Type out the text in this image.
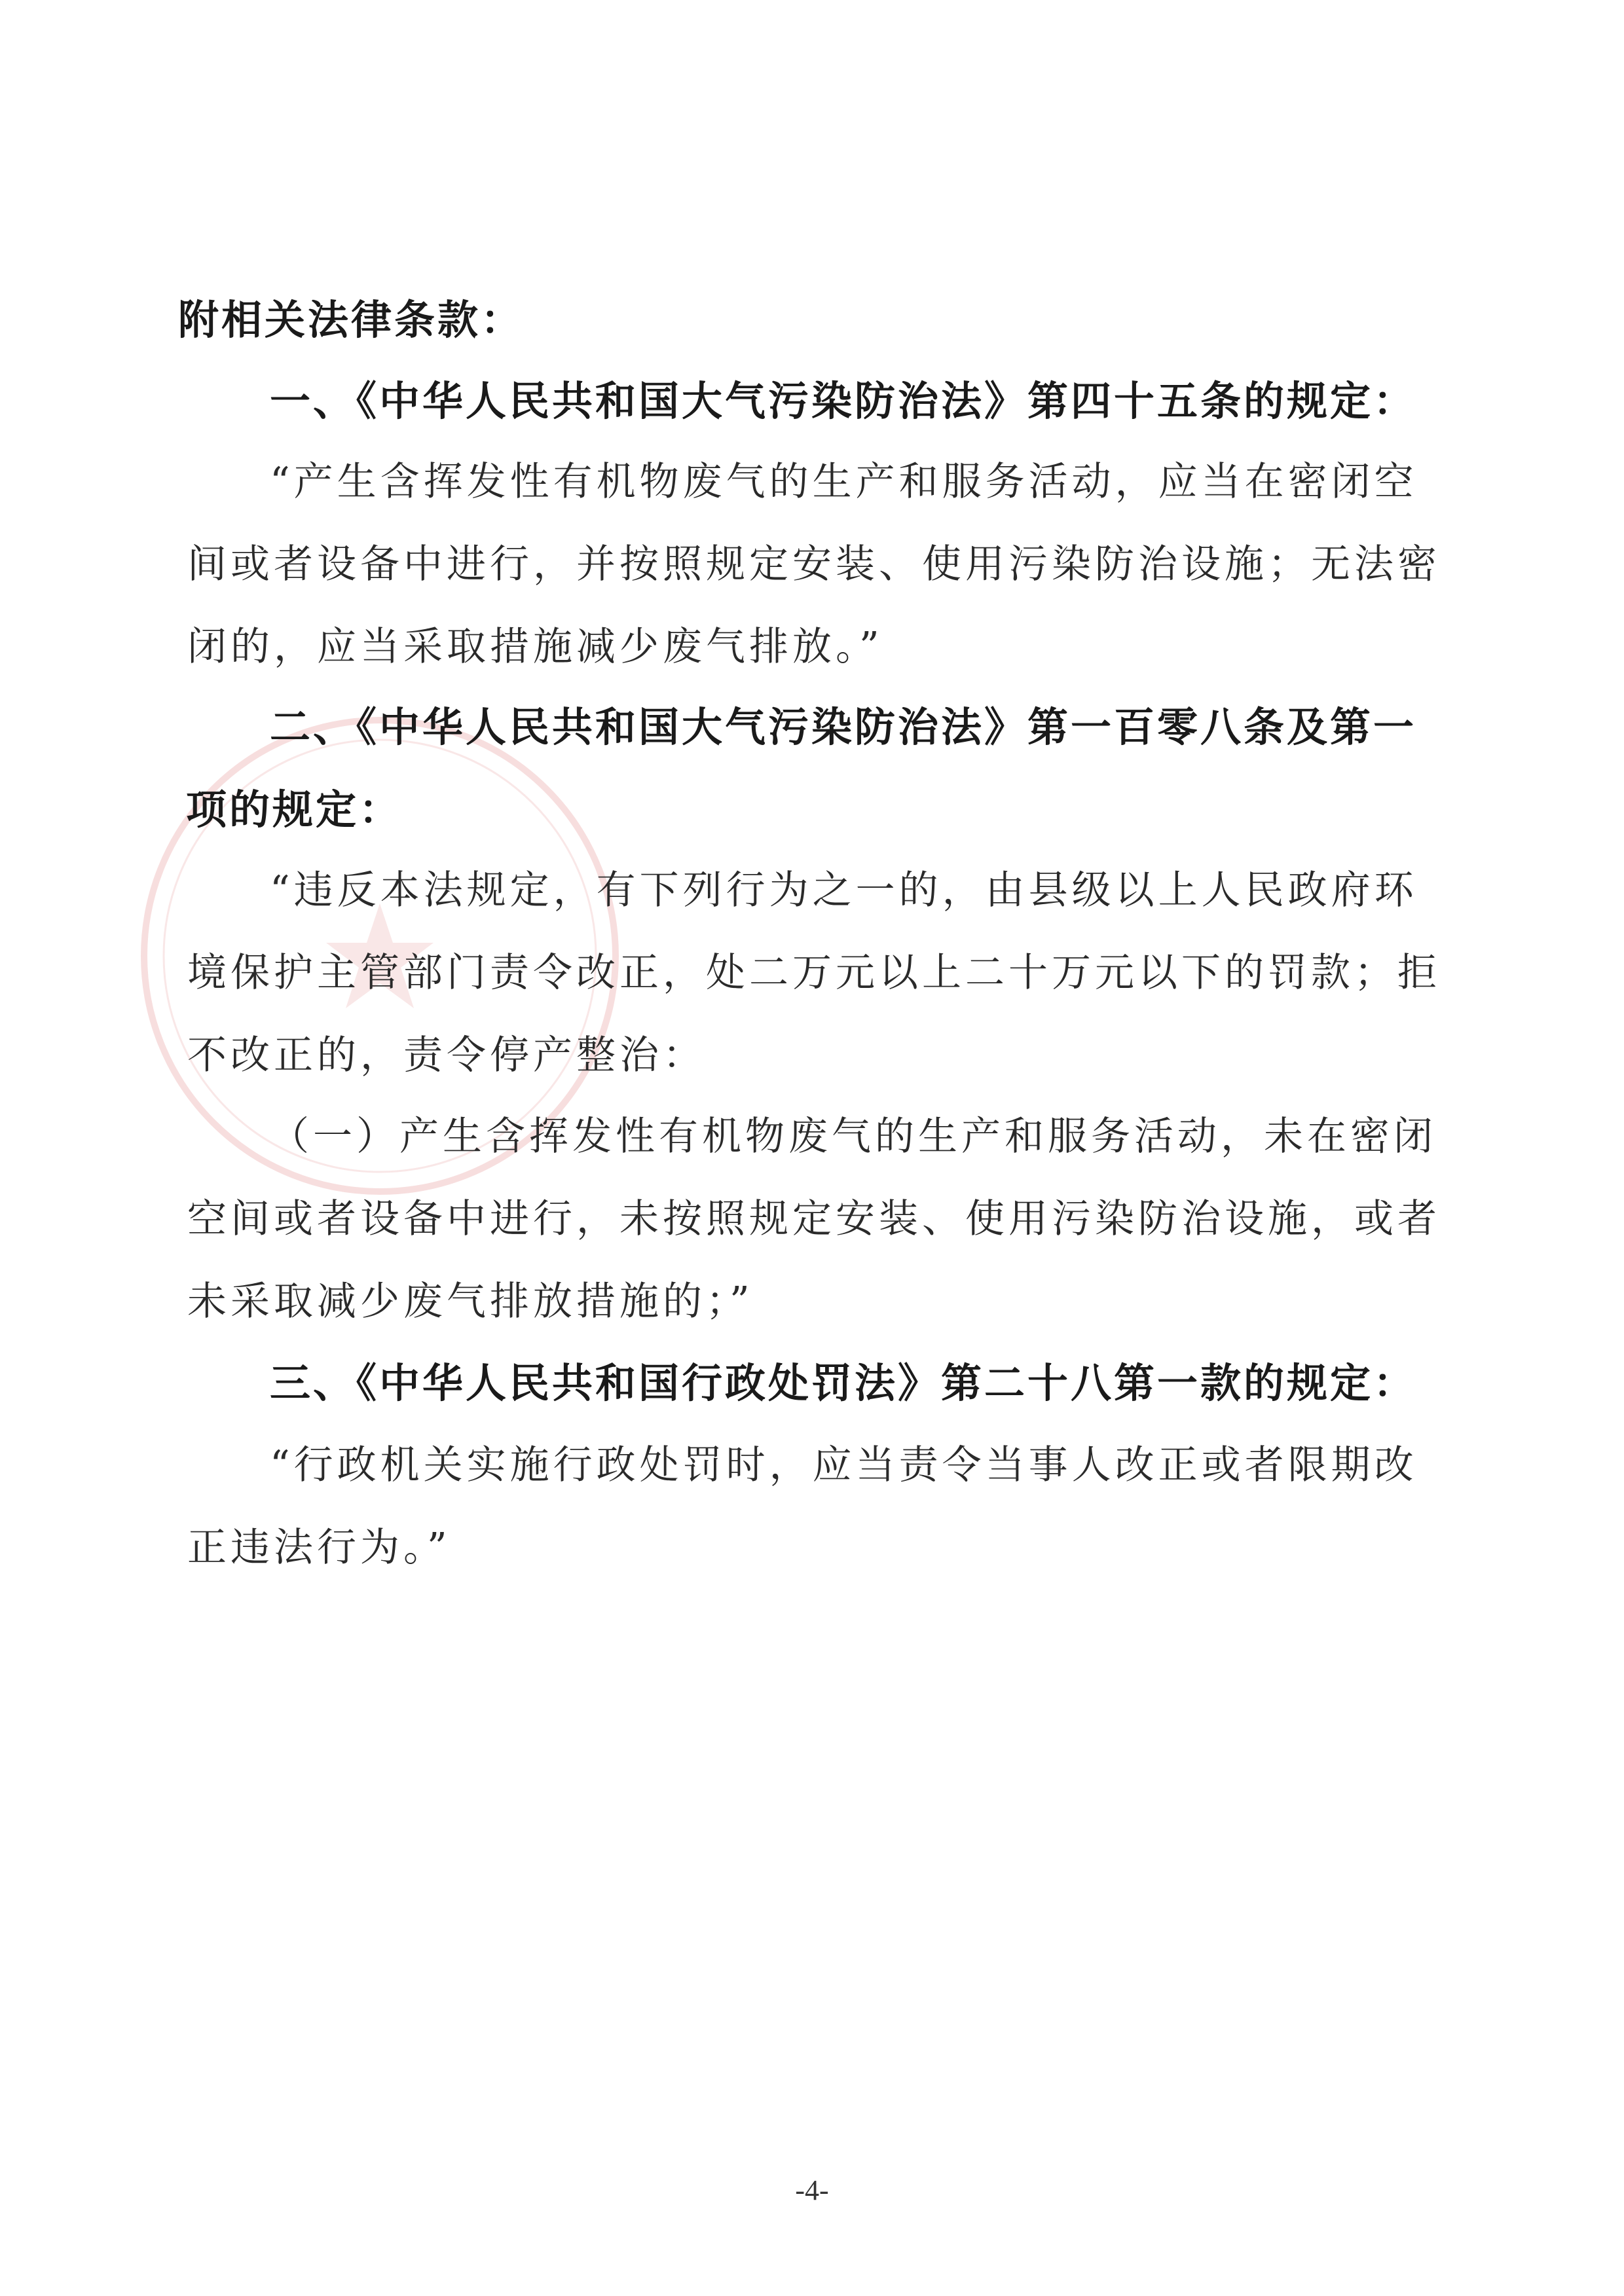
附相关法律条款：

一、《中华人民共和国大气污染防治法》第四十五条的规定：

“产生含挥发性有机物废气的生产和服务活动，应当在密闭空

间或者设备中进行，并按照规定安装、使用污染防治设施；无法密

闭的，应当采取措施减少废气排放。”

二、《中华人民共和国大气污染防治法》第一百零八条及第一

项的规定：

“违反本法规定，有下列行为之一的，由县级以上人民政府环

境保护主管部门责令改正，处二万元以上二十万元以下的罚款；拒

不改正的，责令停产整治：

（一）产生含挥发性有机物废气的生产和服务活动，未在密闭

空间或者设备中进行，未按照规定安装、使用污染防治设施，或者

未采取减少废气排放措施的；”

三、《中华人民共和国行政处罚法》第二十八第一款的规定：

“行政机关实施行政处罚时，应当责令当事人改正或者限期改

正违法行为。”

-4-
